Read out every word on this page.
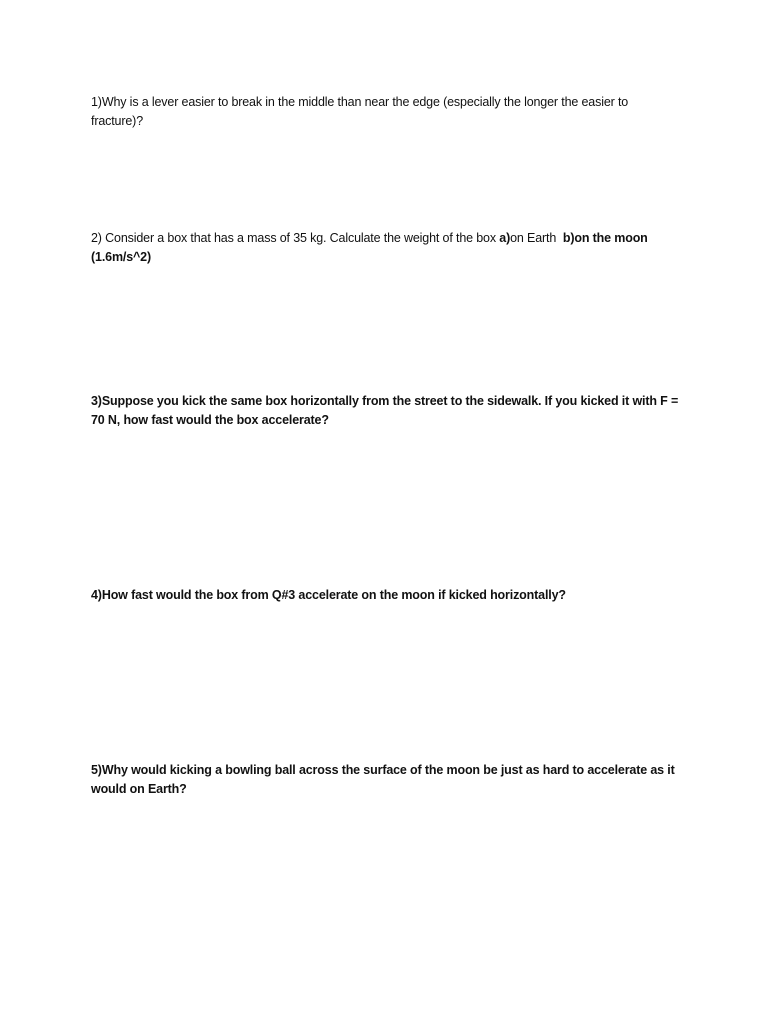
1)Why is a lever easier to break in the middle than near the edge (especially the longer the easier to
fracture)?
2) Consider a box that has a mass of 35 kg. Calculate the weight of the box a)on Earth  b)on the moon
(1.6m/s^2)
3)Suppose you kick the same box horizontally from the street to the sidewalk. If you kicked it with F =
70 N, how fast would the box accelerate?
4)How fast would the box from Q#3 accelerate on the moon if kicked horizontally?
5)Why would kicking a bowling ball across the surface of the moon be just as hard to accelerate as it
would on Earth?
